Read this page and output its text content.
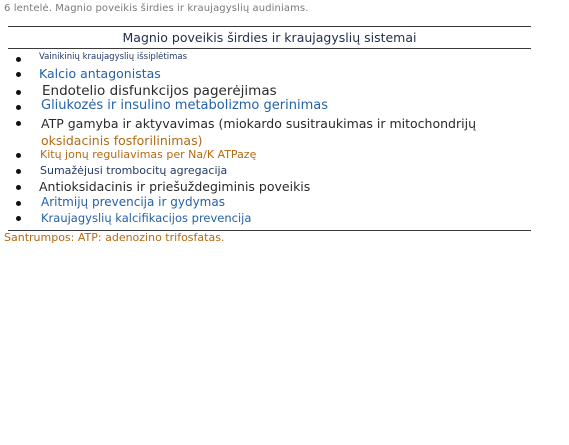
6 lentelė. Magnio poveikis širdies ir kraujagyslių audiniams.
Magnio poveikis širdies ir kraujagyslių sistemai
Vainikinių kraujagyslių išsiplėtimas
Kalcio antagonistas
Endotelio disfunkcijos pagerėjimas
Gliukozės ir insulino metabolizmo gerinimas
ATP gamyba ir aktyvavimas (miokardo susitraukimas ir mitochondrijų
oksidacinis fosforilinimas)
Kitų jonų reguliavimas per Na/K ATPazę
Sumažėjusi trombocitų agregacija
Antioksidacinis ir priešuždegiminis poveikis
Aritmijų prevencija ir gydymas
Kraujagyslių kalcifikacijos prevencija
Santrumpos: ATP: adenozino trifosfatas.
